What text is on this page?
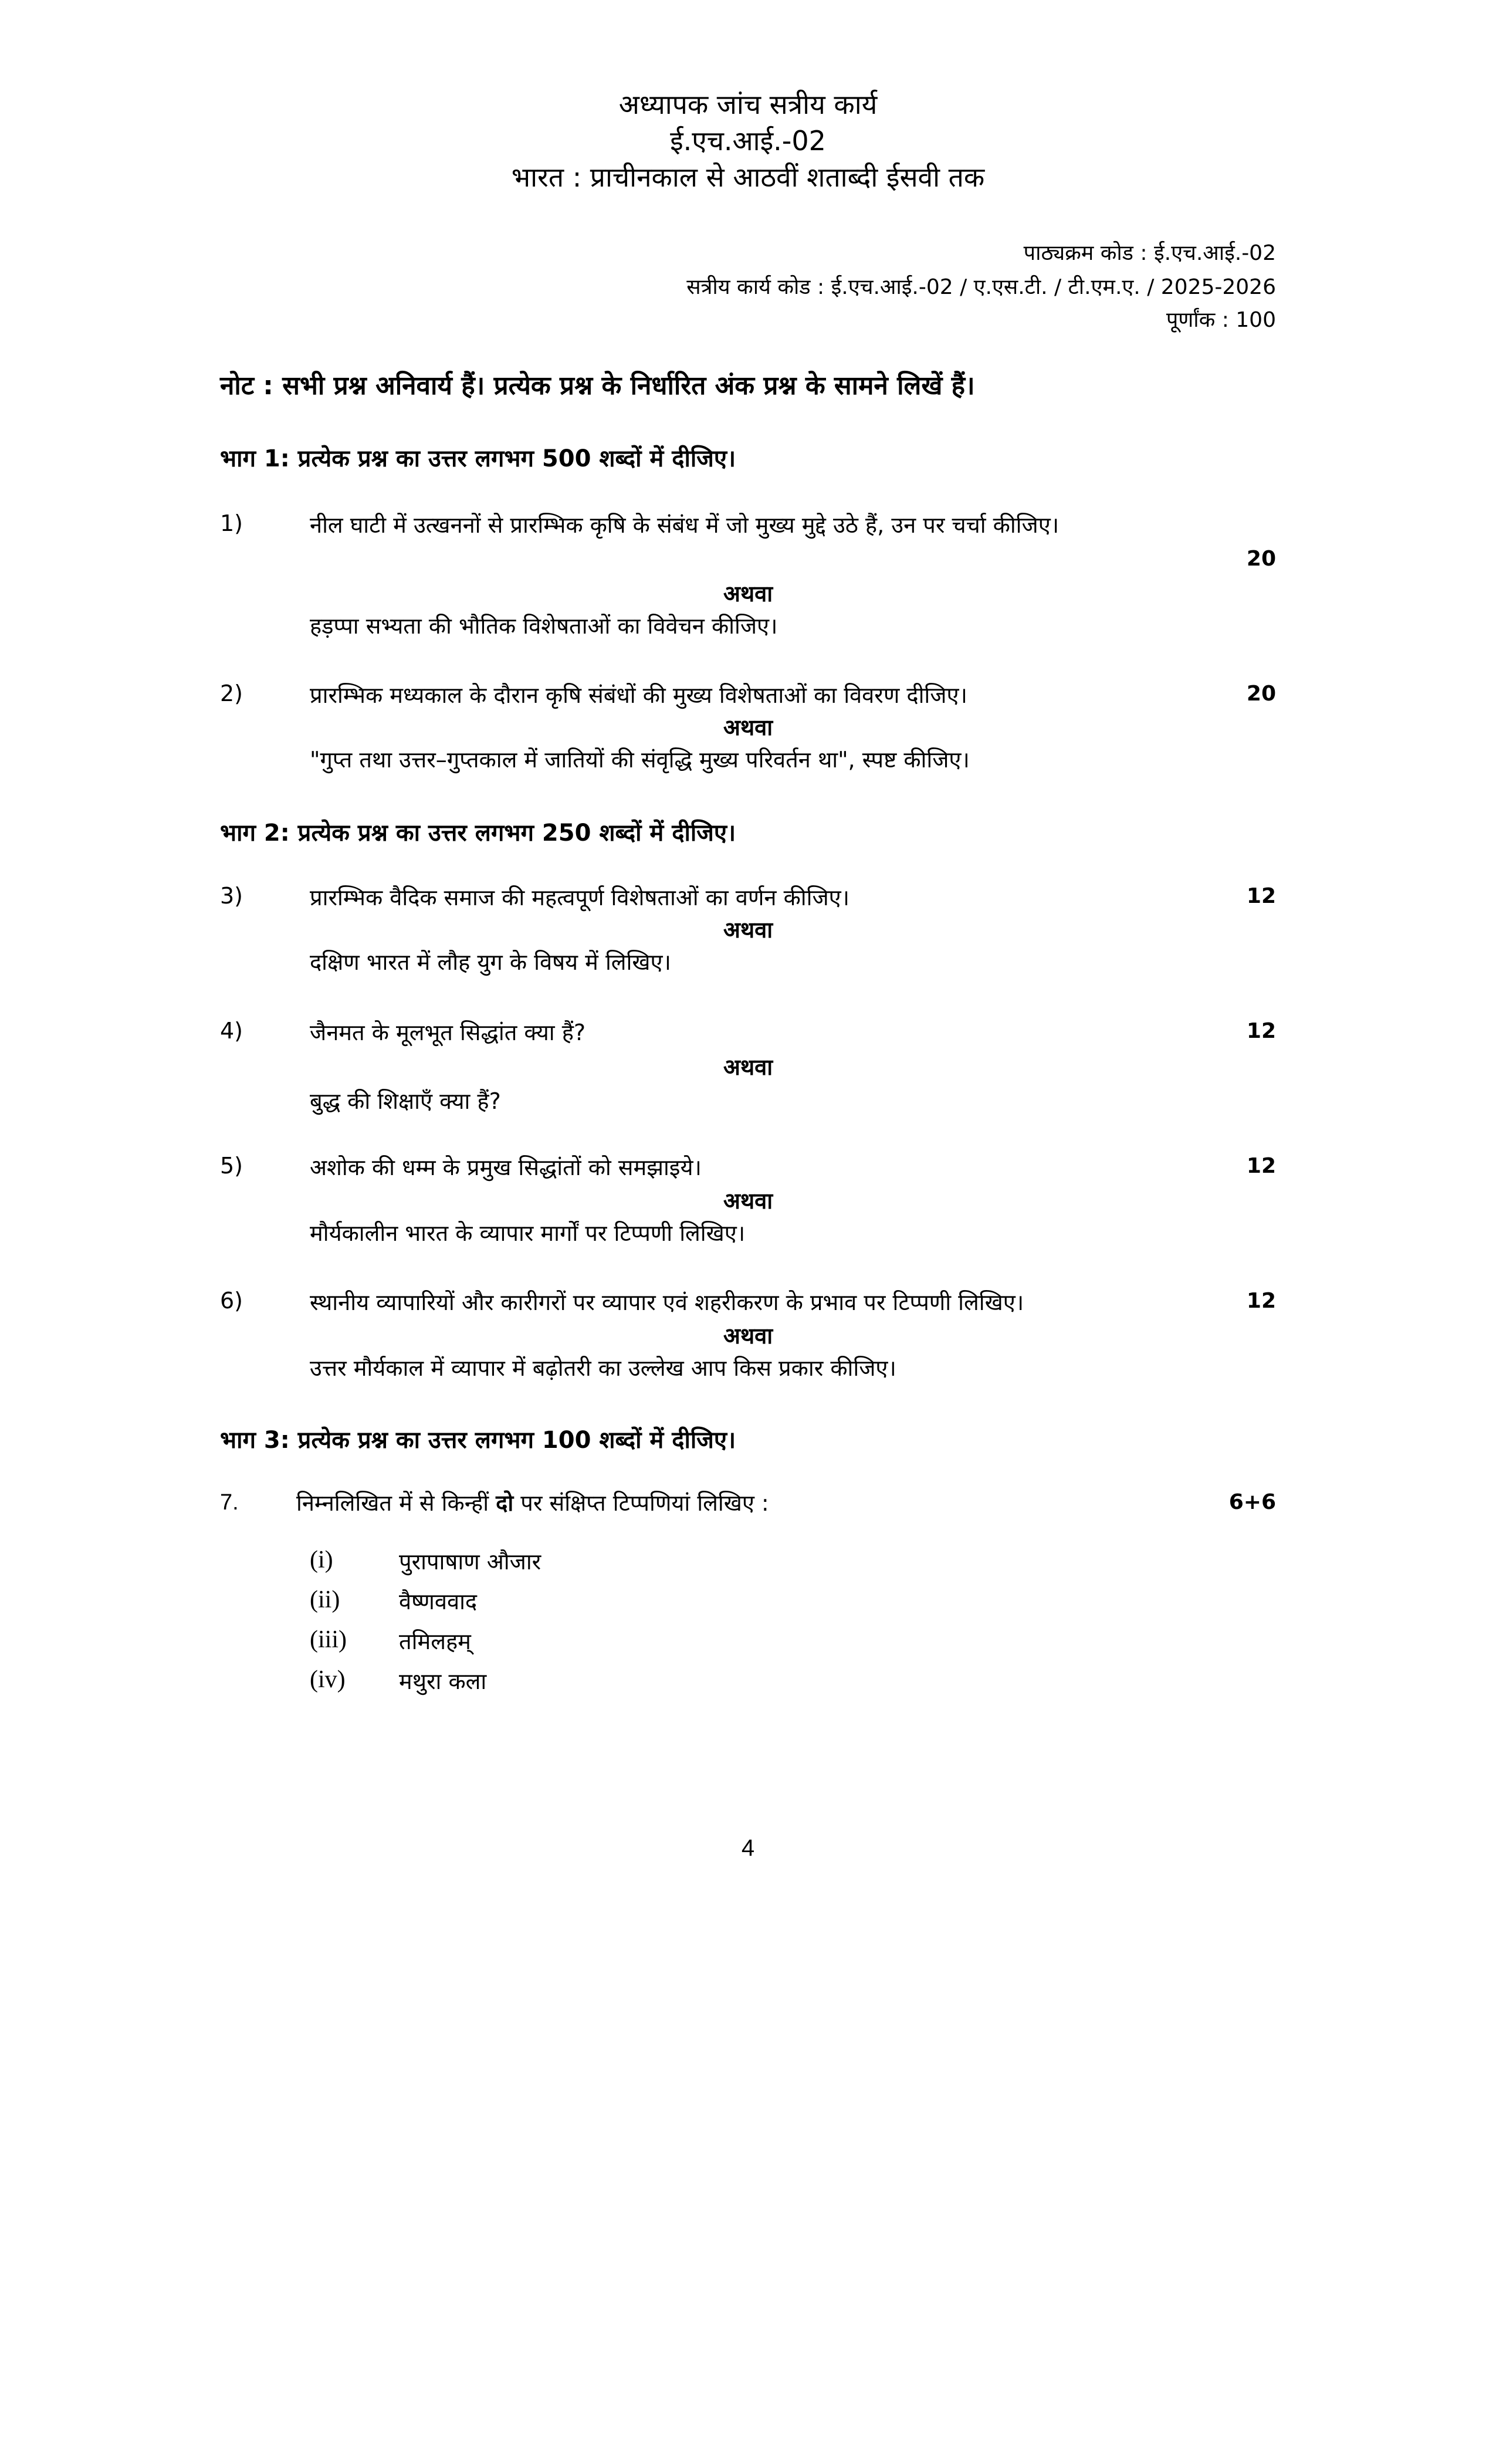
अध्यापक जांच सत्रीय कार्य
ई.एच.आई.-02
भारत : प्राचीनकाल से आठवीं शताब्दी ईसवी तक
पाठ्यक्रम कोड : ई.एच.आई.-02
सत्रीय कार्य कोड : ई.एच.आई.-02 / ए.एस.टी. / टी.एम.ए. / 2025-2026
पूर्णांक : 100
नोट : सभी प्रश्न अनिवार्य हैं। प्रत्येक प्रश्न के निर्धारित अंक प्रश्न के सामने लिखें हैं।
भाग 1: प्रत्येक प्रश्न का उत्तर लगभग 500 शब्दों में दीजिए।
1)	नील घाटी में उत्खननों से प्रारम्भिक कृषि के संबंध में जो मुख्य मुद्दे उठे हैं, उन पर चर्चा कीजिए।
20
अथवा
हड़प्पा सभ्यता की भौतिक विशेषताओं का विवेचन कीजिए।
2)	प्रारम्भिक मध्यकाल के दौरान कृषि संबंधों की मुख्य विशेषताओं का विवरण दीजिए।	20
अथवा
"गुप्त तथा उत्तर–गुप्तकाल में जातियों की संवृद्धि मुख्य परिवर्तन था", स्पष्ट कीजिए।
भाग 2: प्रत्येक प्रश्न का उत्तर लगभग 250 शब्दों में दीजिए।
3)	प्रारम्भिक वैदिक समाज की महत्वपूर्ण विशेषताओं का वर्णन कीजिए।	12
अथवा
दक्षिण भारत में लौह युग के विषय में लिखिए।
4)	जैनमत के मूलभूत सिद्धांत क्या हैं?	12
अथवा
बुद्ध की शिक्षाएँ क्या हैं?
5)	अशोक की धम्म के प्रमुख सिद्धांतों को समझाइये।	12
अथवा
मौर्यकालीन भारत के व्यापार मार्गों पर टिप्पणी लिखिए।
6)	स्थानीय व्यापारियों और कारीगरों पर व्यापार एवं शहरीकरण के प्रभाव पर टिप्पणी लिखिए।	12
अथवा
उत्तर मौर्यकाल में व्यापार में बढ़ोतरी का उल्लेख आप किस प्रकार कीजिए।
भाग 3: प्रत्येक प्रश्न का उत्तर लगभग 100 शब्दों में दीजिए।
7.	निम्नलिखित में से किन्हीं दो पर संक्षिप्त टिप्पणियां लिखिए :	6+6
(i)	पुरापाषाण औजार
(ii)	वैष्णववाद
(iii) तमिलहम्
(iv) मथुरा कला
4
